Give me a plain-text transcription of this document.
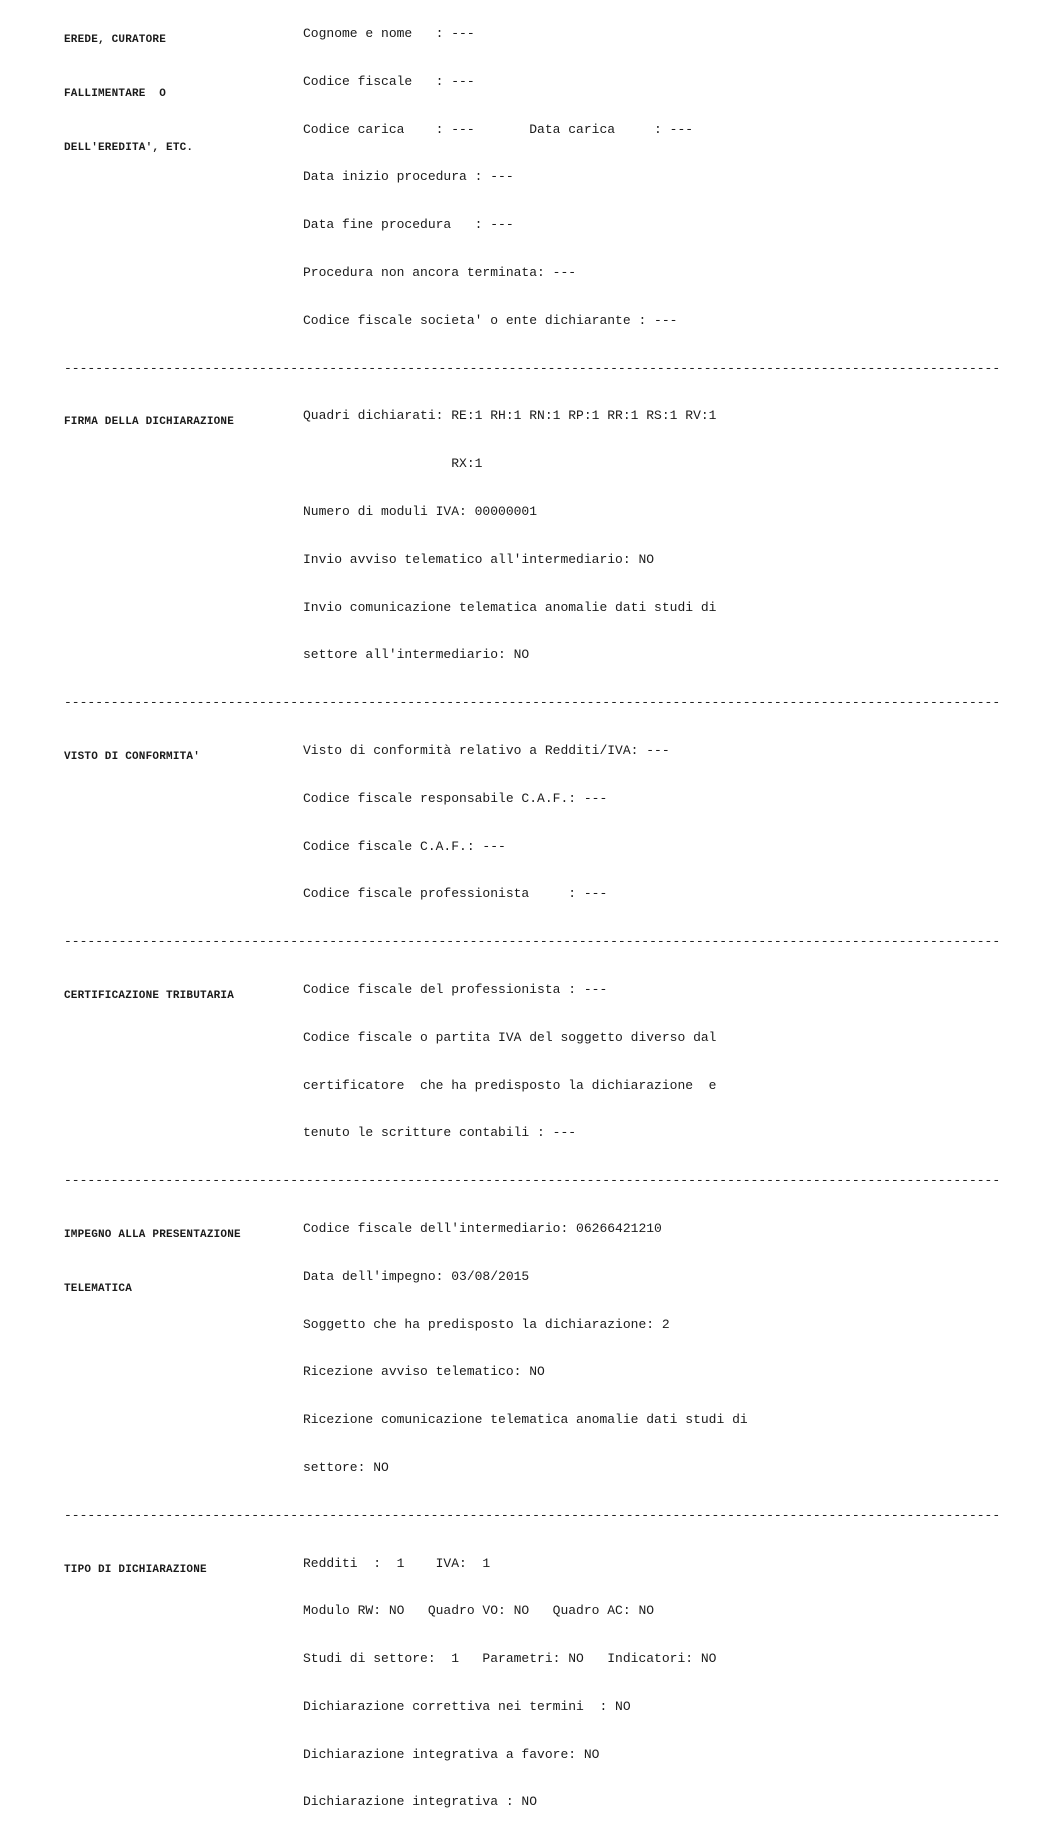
EREDE, CURATORE

FALLIMENTARE  O

DELL'EREDITA', ETC.

Cognome e nome   : ---

Codice fiscale   : ---

Codice carica    : ---       Data carica     : ---

Data inizio procedura : ---

Data fine procedura   : ---

Procedura non ancora terminata: ---

Codice fiscale societa' o ente dichiarante : ---

------------------------------------------------------------------------------------------------------------------------

FIRMA DELLA DICHIARAZIONE

	Quadri dichiarati: RE:1 RH:1 RN:1 RP:1 RR:1 RS:1 RV:1

RX:1

Numero di moduli IVA: 00000001

Invio avviso telematico all'intermediario: NO

Invio comunicazione telematica anomalie dati studi di

settore all'intermediario: NO

------------------------------------------------------------------------------------------------------------------------

VISTO DI CONFORMITA'

	Visto di conformità relativo a Redditi/IVA: ---

Codice fiscale responsabile C.A.F.: ---

Codice fiscale C.A.F.: ---

Codice fiscale professionista     : ---

------------------------------------------------------------------------------------------------------------------------

CERTIFICAZIONE TRIBUTARIA

	Codice fiscale del professionista : ---

Codice fiscale o partita IVA del soggetto diverso dal

certificatore  che ha predisposto la dichiarazione  e

tenuto le scritture contabili : ---

------------------------------------------------------------------------------------------------------------------------

IMPEGNO ALLA PRESENTAZIONE

TELEMATICA

Codice fiscale dell'intermediario: 06266421210

Data dell'impegno: 03/08/2015

Soggetto che ha predisposto la dichiarazione: 2

Ricezione avviso telematico: NO

Ricezione comunicazione telematica anomalie dati studi di

settore: NO

------------------------------------------------------------------------------------------------------------------------

TIPO DI DICHIARAZIONE

	Redditi  :  1    IVA:  1

Modulo RW: NO   Quadro VO: NO   Quadro AC: NO

Studi di settore:  1   Parametri: NO   Indicatori: NO

Dichiarazione correttiva nei termini  : NO

Dichiarazione integrativa a favore: NO

Dichiarazione integrativa : NO
